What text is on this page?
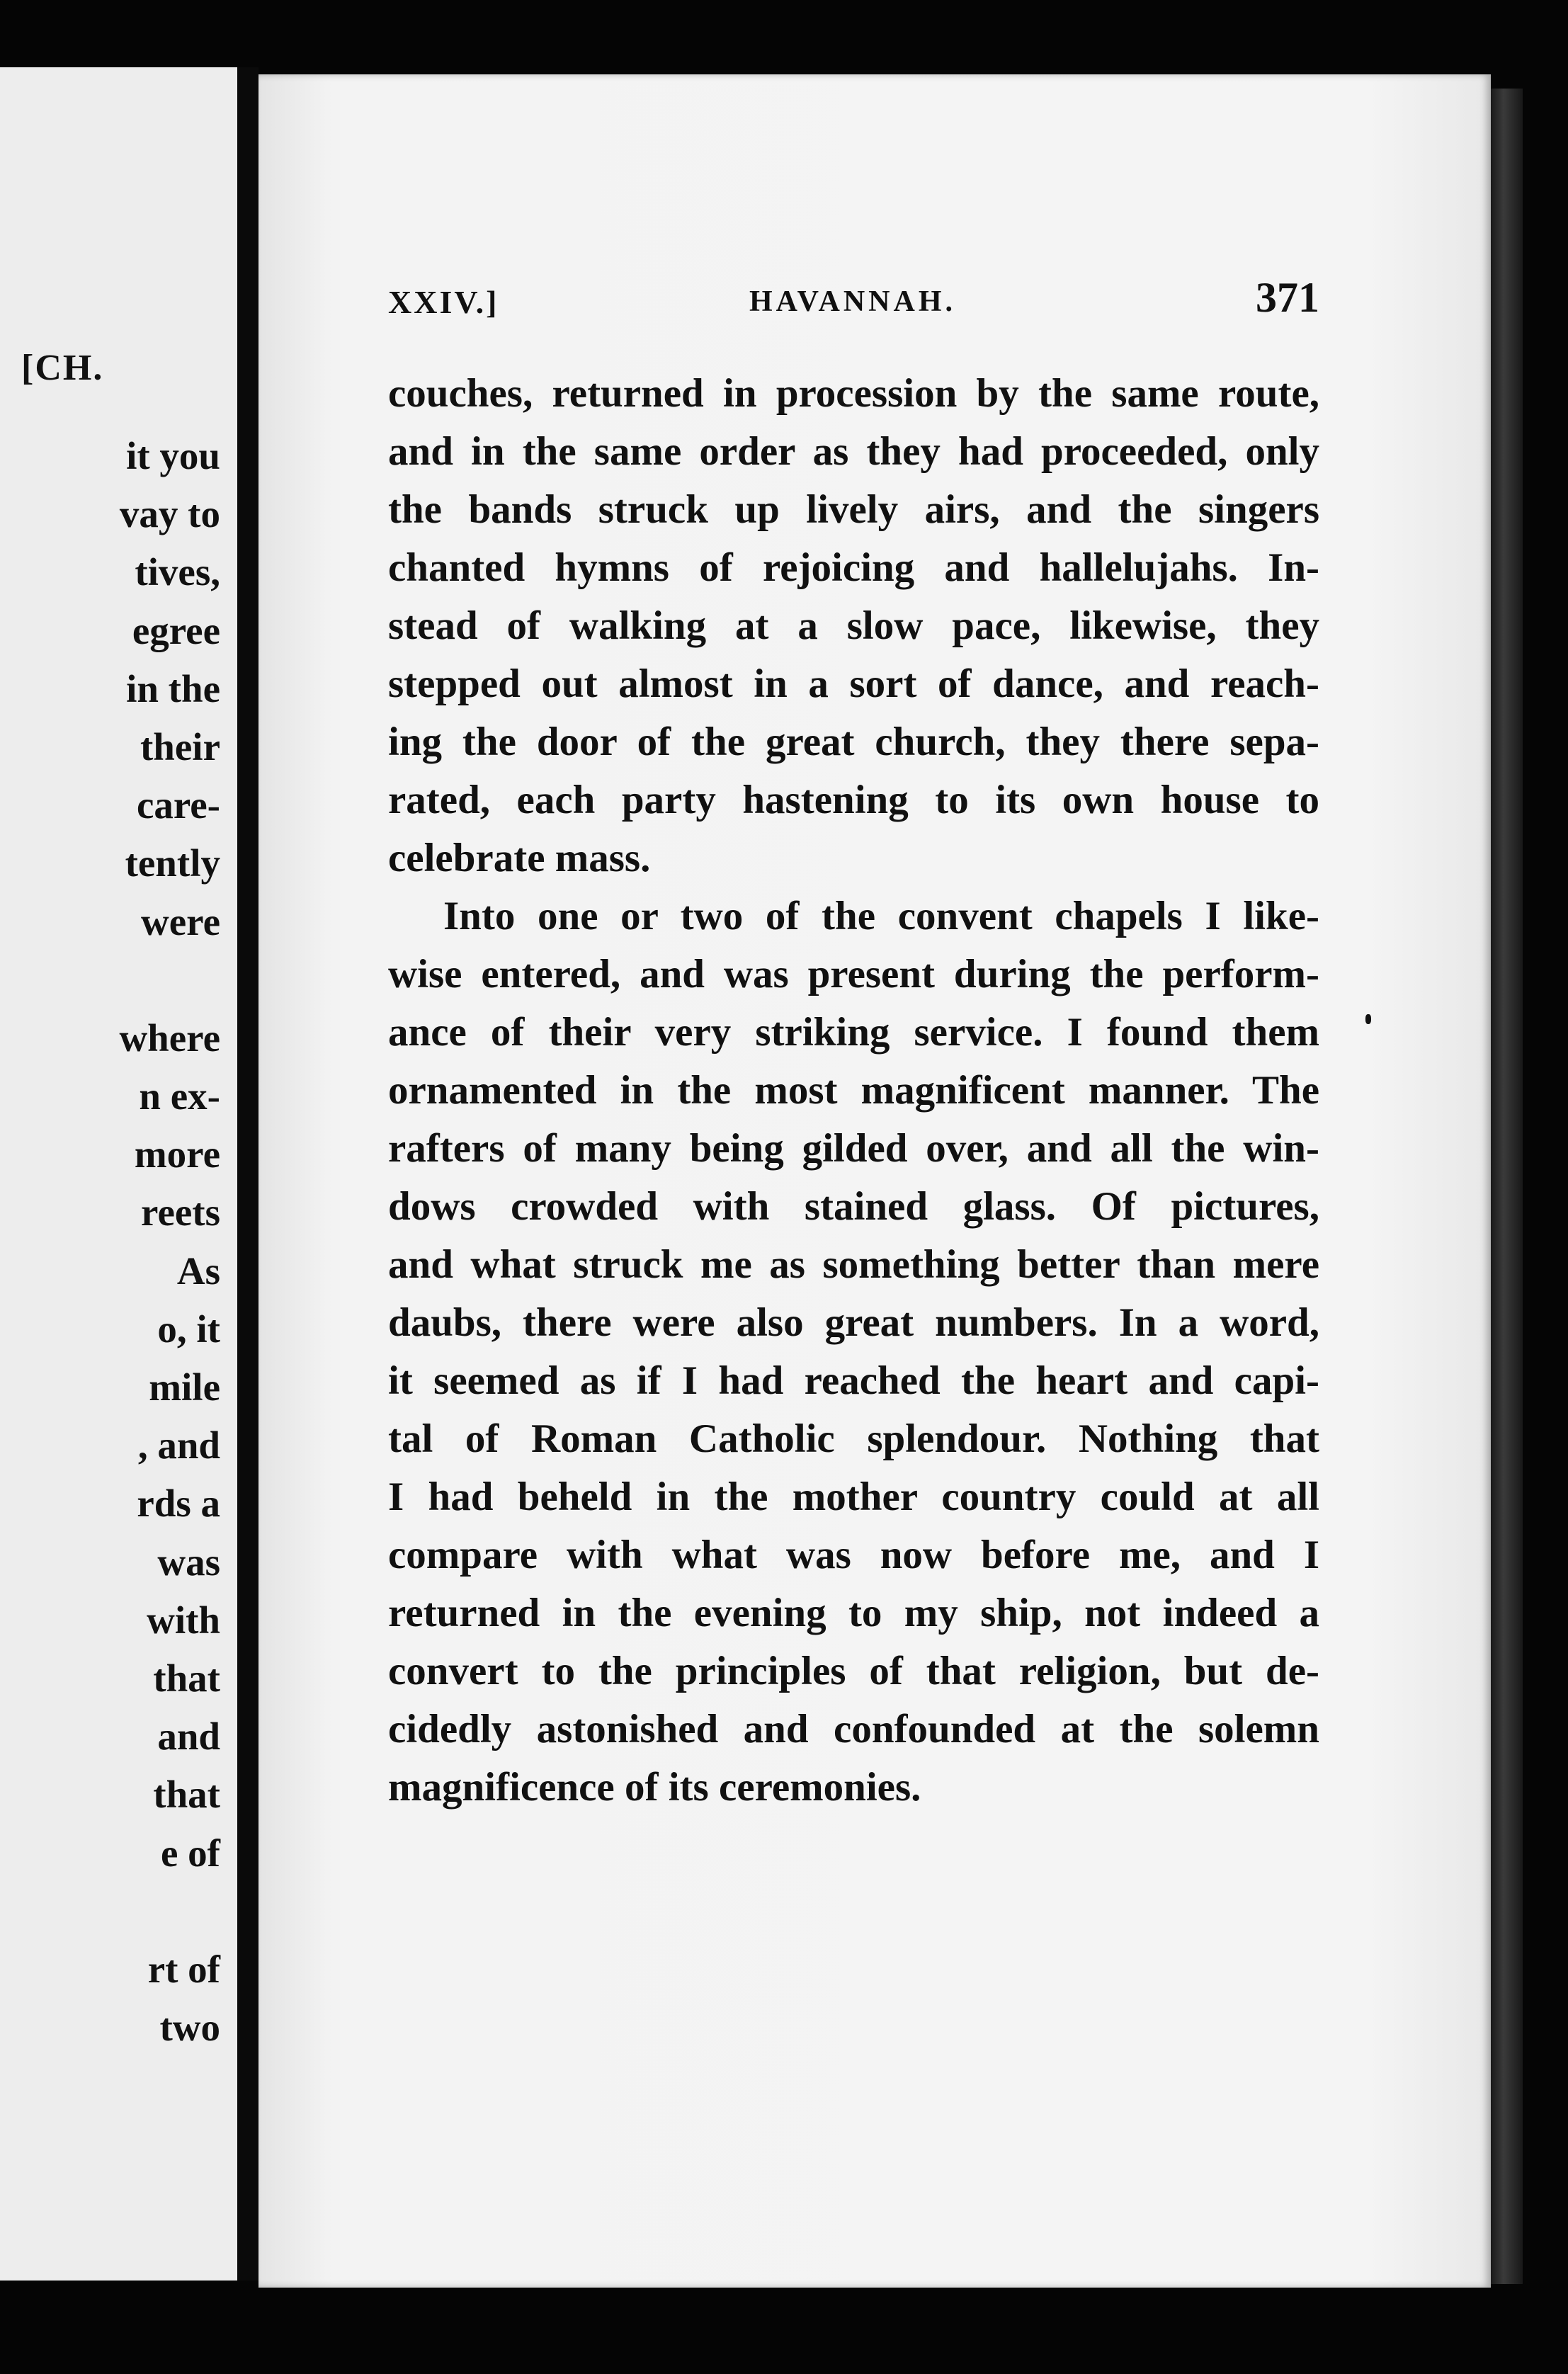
[CH.
it you
vay to
tives,
egree
in the
their
care-
tently
were
where
n ex-
more
reets
As
o, it
mile
, and
rds a
was
with
that
and
that
e of
rt of
two
XXIV.]	HAVANNAH.	371
couches, returned in procession by the same route,
and in the same order as they had proceeded, only
the bands struck up lively airs, and the singers
chanted hymns of rejoicing and hallelujahs. In-
stead of walking at a slow pace, likewise, they
stepped out almost in a sort of dance, and reach-
ing the door of the great church, they there sepa-
rated, each party hastening to its own house to
celebrate mass.
Into one or two of the convent chapels I like-
wise entered, and was present during the perform-
ance of their very striking service. I found them
ornamented in the most magnificent manner. The
rafters of many being gilded over, and all the win-
dows crowded with stained glass. Of pictures,
and what struck me as something better than mere
daubs, there were also great numbers. In a word,
it seemed as if I had reached the heart and capi-
tal of Roman Catholic splendour. Nothing that
I had beheld in the mother country could at all
compare with what was now before me, and I
returned in the evening to my ship, not indeed a
convert to the principles of that religion, but de-
cidedly astonished and confounded at the solemn
magnificence of its ceremonies.
